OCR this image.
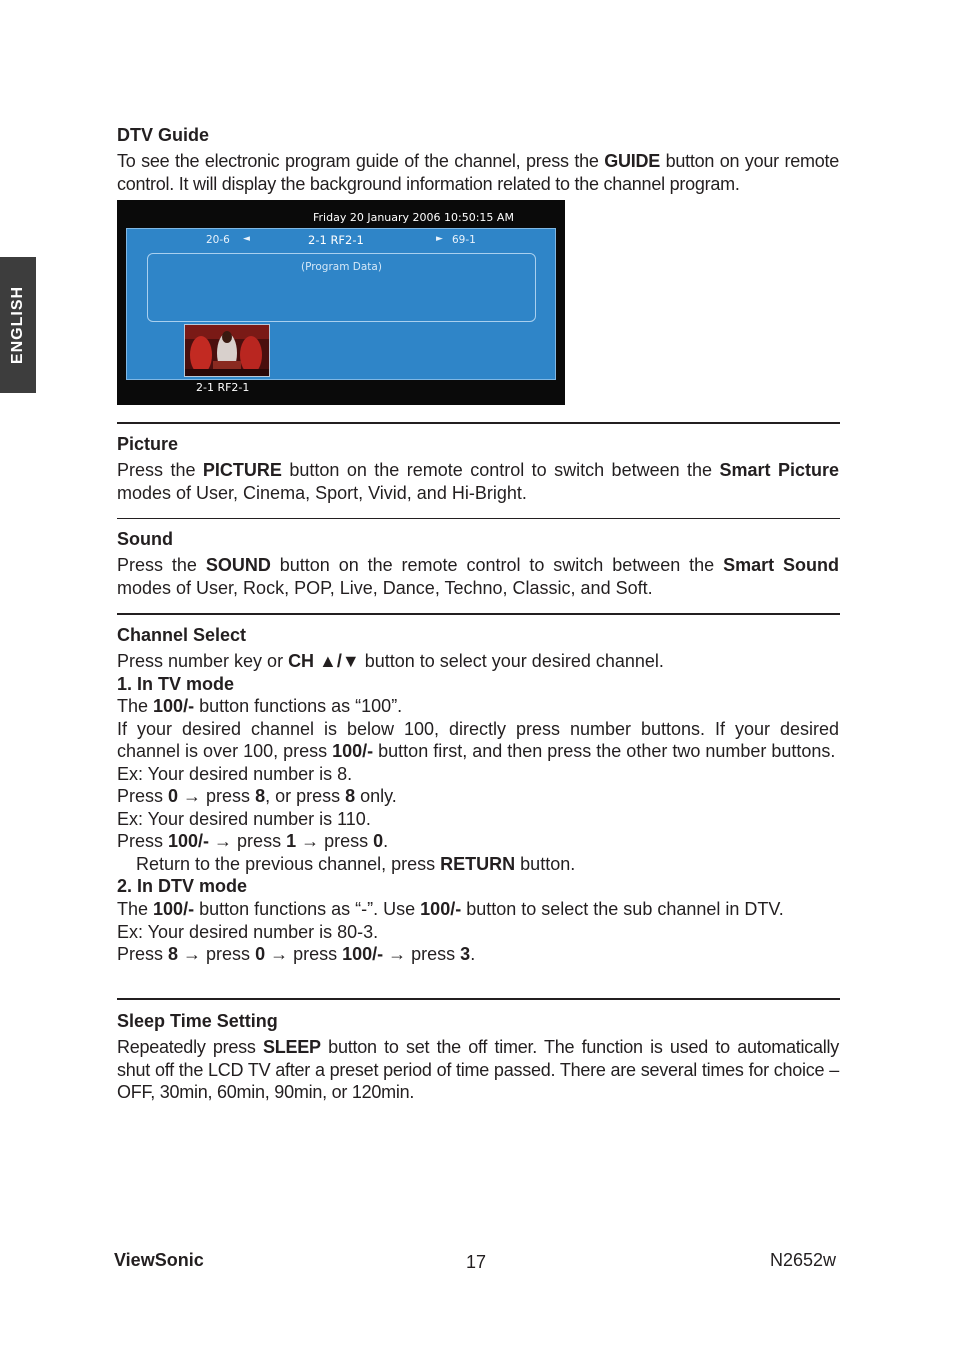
ENGLISH

DTV Guide

To see the electronic program guide of the channel, press the GUIDE button on your remote control. It will display the background information related to the channel program.

Friday 20 January 2006 10:50:15 AM
20-6 ◄	2-1 RF2-1	► 69-1
(Program Data)
2-1 RF2-1

Picture

Press the PICTURE button on the remote control to switch between the Smart Picture modes of User, Cinema, Sport, Vivid, and Hi-Bright.

Sound

Press the SOUND button on the remote control to switch between the Smart Sound modes of User, Rock, POP, Live, Dance, Techno, Classic, and Soft.

Channel Select

Press number key or CH ▲/▼ button to select your desired channel.

1. In TV mode

The 100/- button functions as “100”.

If your desired channel is below 100, directly press number buttons. If your desired channel is over 100, press 100/- button first, and then press the other two number buttons.

Ex: Your desired number is 8.

Press 0 → press 8, or press 8 only.

Ex: Your desired number is 110.

Press 100/- → press 1 → press 0.

Return to the previous channel, press RETURN button.

2. In DTV mode

The 100/- button functions as “-”. Use 100/- button to select the sub channel in DTV.

Ex: Your desired number is 80-3.

Press 8 → press 0 → press 100/- → press 3.

Sleep Time Setting

Repeatedly press SLEEP button to set the off timer. The function is used to automatically shut off the LCD TV after a preset period of time passed. There are several times for choice – OFF, 30min, 60min, 90min, or 120min.

ViewSonic	17	N2652w
